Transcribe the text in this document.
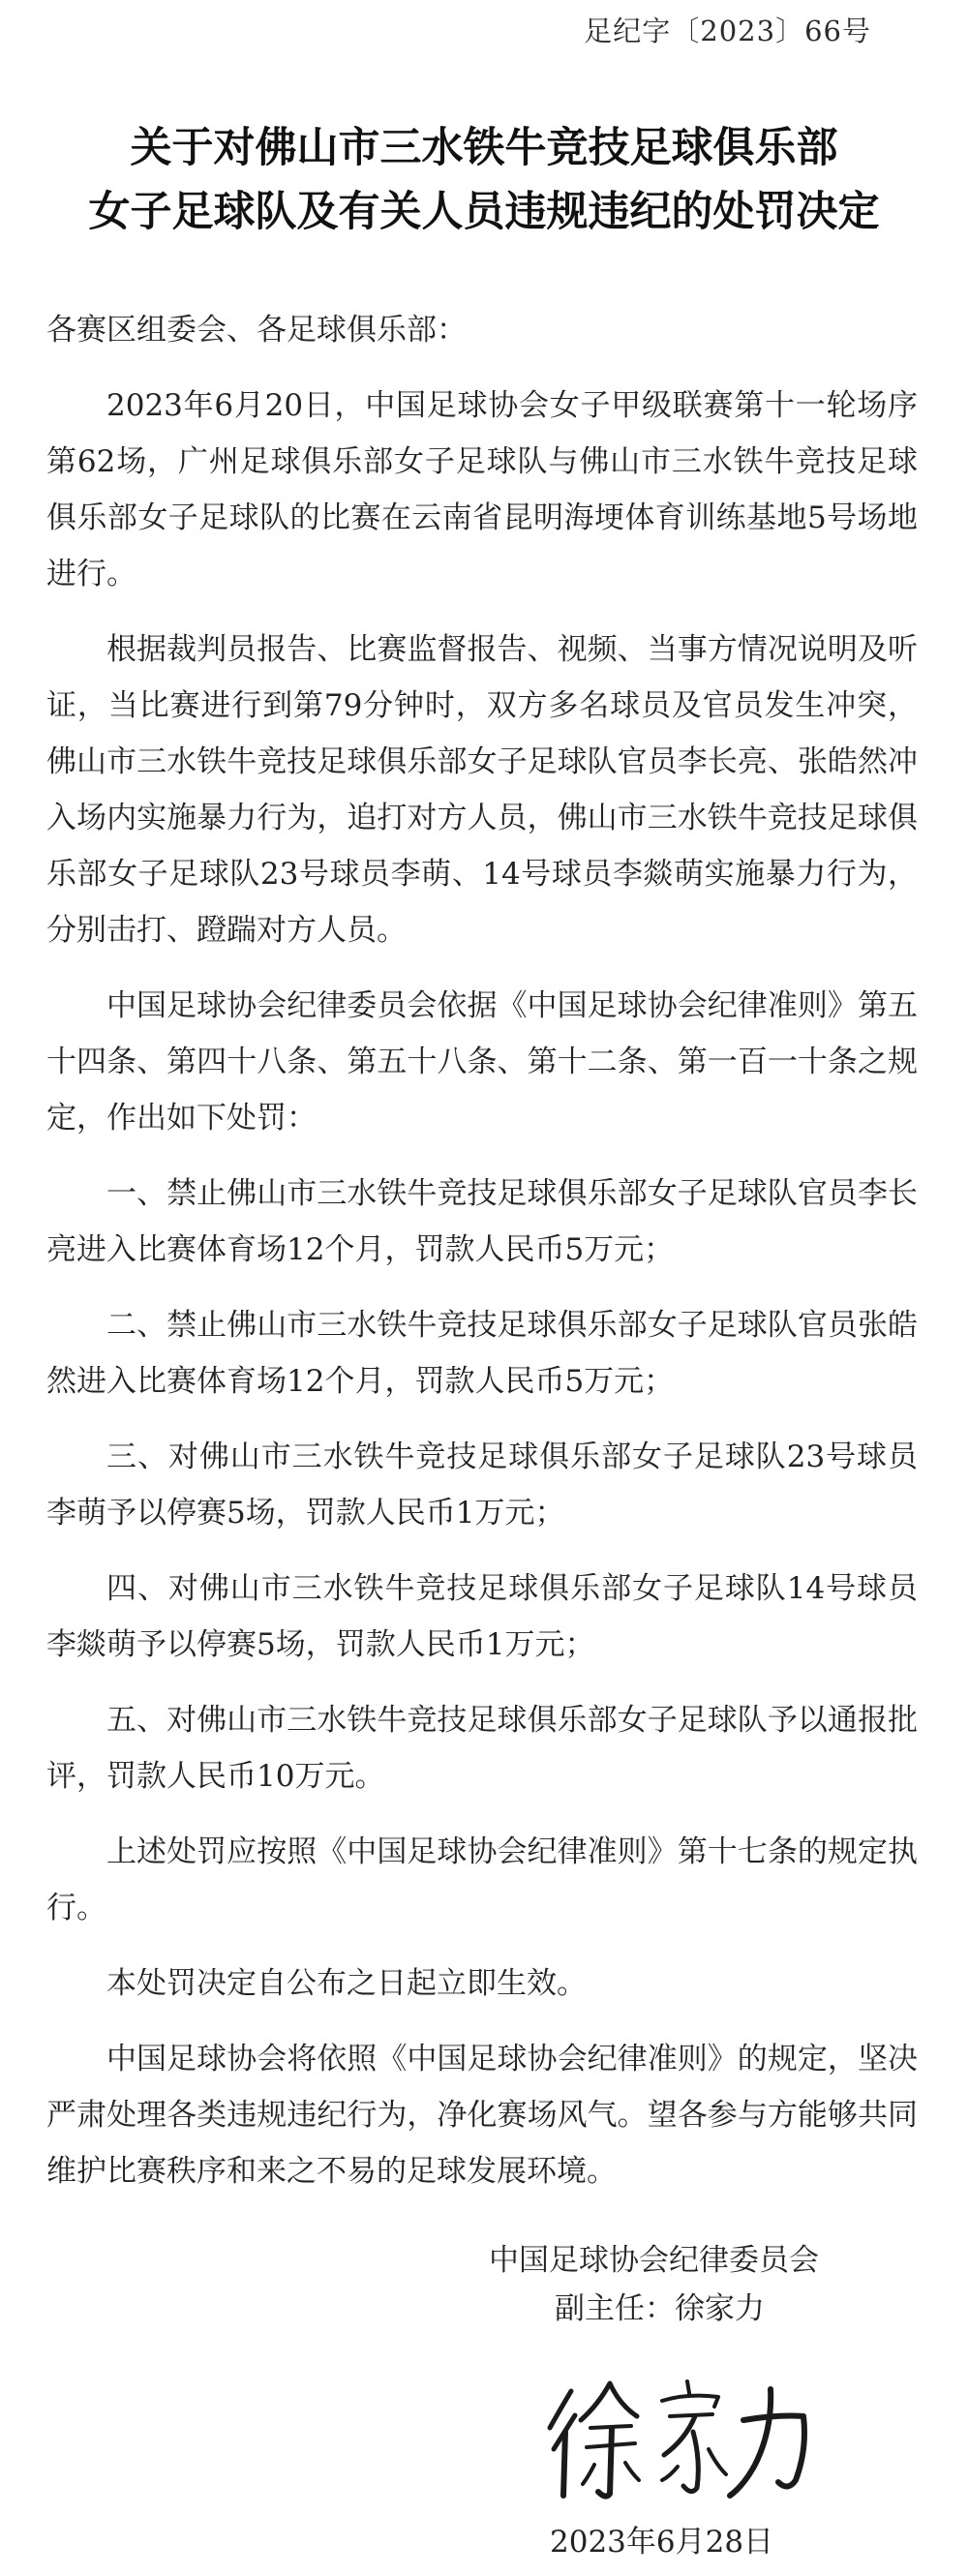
足纪字〔2023〕66号
关于对佛山市三水铁牛竞技足球俱乐部
女子足球队及有关人员违规违纪的处罚决定

各赛区组委会、各足球俱乐部：

2023年6月20日，中国足球协会女子甲级联赛第十一轮场序第62场，广州足球俱乐部女子足球队与佛山市三水铁牛竞技足球俱乐部女子足球队的比赛在云南省昆明海埂体育训练基地5号场地进行。

根据裁判员报告、比赛监督报告、视频、当事方情况说明及听证，当比赛进行到第79分钟时，双方多名球员及官员发生冲突，佛山市三水铁牛竞技足球俱乐部女子足球队官员李长亮、张皓然冲入场内实施暴力行为，追打对方人员，佛山市三水铁牛竞技足球俱乐部女子足球队23号球员李萌、14号球员李燚萌实施暴力行为，分别击打、蹬踹对方人员。

中国足球协会纪律委员会依据《中国足球协会纪律准则》第五十四条、第四十八条、第五十八条、第十二条、第一百一十条之规定，作出如下处罚：

一、禁止佛山市三水铁牛竞技足球俱乐部女子足球队官员李长亮进入比赛体育场12个月，罚款人民币5万元；

二、禁止佛山市三水铁牛竞技足球俱乐部女子足球队官员张皓然进入比赛体育场12个月，罚款人民币5万元；

三、对佛山市三水铁牛竞技足球俱乐部女子足球队23号球员李萌予以停赛5场，罚款人民币1万元；

四、对佛山市三水铁牛竞技足球俱乐部女子足球队14号球员李燚萌予以停赛5场，罚款人民币1万元；

五、对佛山市三水铁牛竞技足球俱乐部女子足球队予以通报批评，罚款人民币10万元。

上述处罚应按照《中国足球协会纪律准则》第十七条的规定执行。

本处罚决定自公布之日起立即生效。

中国足球协会将依照《中国足球协会纪律准则》的规定，坚决严肃处理各类违规违纪行为，净化赛场风气。望各参与方能够共同维护比赛秩序和来之不易的足球发展环境。

中国足球协会纪律委员会
副主任：徐家力
2023年6月28日
